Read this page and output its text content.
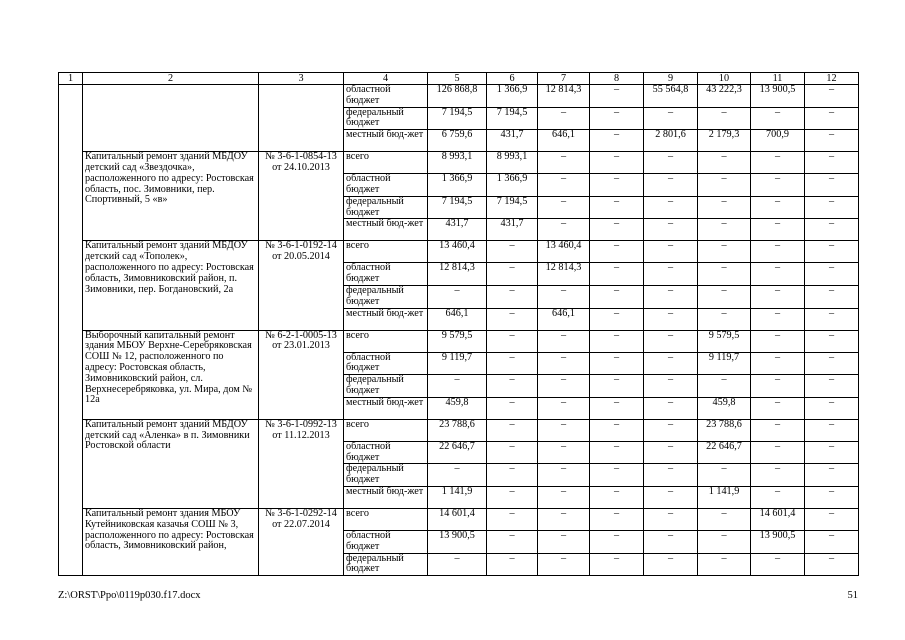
1	2	3	4	5	6	7	8	9	10	11	12
			областной бюджет	126 868,8	1 366,9	12 814,3	–	55 564,8	43 222,3	13 900,5	–
			федеральный бюджет	7 194,5	7 194,5	–	–	–	–	–	–
			местный бюд-жет	6 759,6	431,7	646,1	–	2 801,6	2 179,3	700,9	–
	Капитальный ремонт зданий МБДОУ детский сад «Звездочка», расположенного по адресу: Ростовская область, пос. Зимовники, пер. Спортивный, 5 «в»	№ 3-6-1-0854-13 от 24.10.2013	всего	8 993,1	8 993,1	–	–	–	–	–	–
			областной бюджет	1 366,9	1 366,9	–	–	–	–	–	–
			федеральный бюджет	7 194,5	7 194,5	–	–	–	–	–	–
			местный бюд-жет	431,7	431,7	–	–	–	–	–	–
	Капитальный ремонт зданий МБДОУ детский сад «Тополек», расположенного по адресу: Ростовская область, Зимовниковский район, п. Зимовники, пер. Богдановский, 2а	№ 3-6-1-0192-14 от 20.05.2014	всего	13 460,4	–	13 460,4	–	–	–	–	–
			областной бюджет	12 814,3	–	12 814,3	–	–	–	–	–
			федеральный бюджет	–	–	–	–	–	–	–	–
			местный бюд-жет	646,1	–	646,1	–	–	–	–	–
	Выборочный капитальный ремонт здания МБОУ Верхне-Серебряковская СОШ № 12, расположенного по адресу: Ростовская область, Зимовниковский район, сл. Верхнесеребряковка, ул. Мира, дом № 12а	№ 6-2-1-0005-13 от 23.01.2013	всего	9 579,5	–	–	–	–	9 579,5	–	–
			областной бюджет	9 119,7	–	–	–	–	9 119,7	–	–
			федеральный бюджет	–	–	–	–	–	–	–	–
			местный бюд-жет	459,8	–	–	–	–	459,8	–	–
	Капитальный ремонт зданий МБДОУ детский сад «Аленка» в п. Зимовники Ростовской области	№ 3-6-1-0992-13 от 11.12.2013	всего	23 788,6	–	–	–	–	23 788,6	–	–
			областной бюджет	22 646,7	–	–	–	–	22 646,7	–	–
			федеральный бюджет	–	–	–	–	–	–	–	–
			местный бюд-жет	1 141,9	–	–	–	–	1 141,9	–	–
	Капитальный ремонт здания МБОУ Кутейниковская казачья СОШ № 3, расположенного по адресу: Ростовская область, Зимовниковский район,	№ 3-6-1-0292-14 от 22.07.2014	всего	14 601,4	–	–	–	–	–	14 601,4	–
			областной бюджет	13 900,5	–	–	–	–	–	13 900,5	–
			федеральный бюджет	–	–	–	–	–	–	–	–
Z:\ORST\Ppo\0119p030.f17.docx	51
